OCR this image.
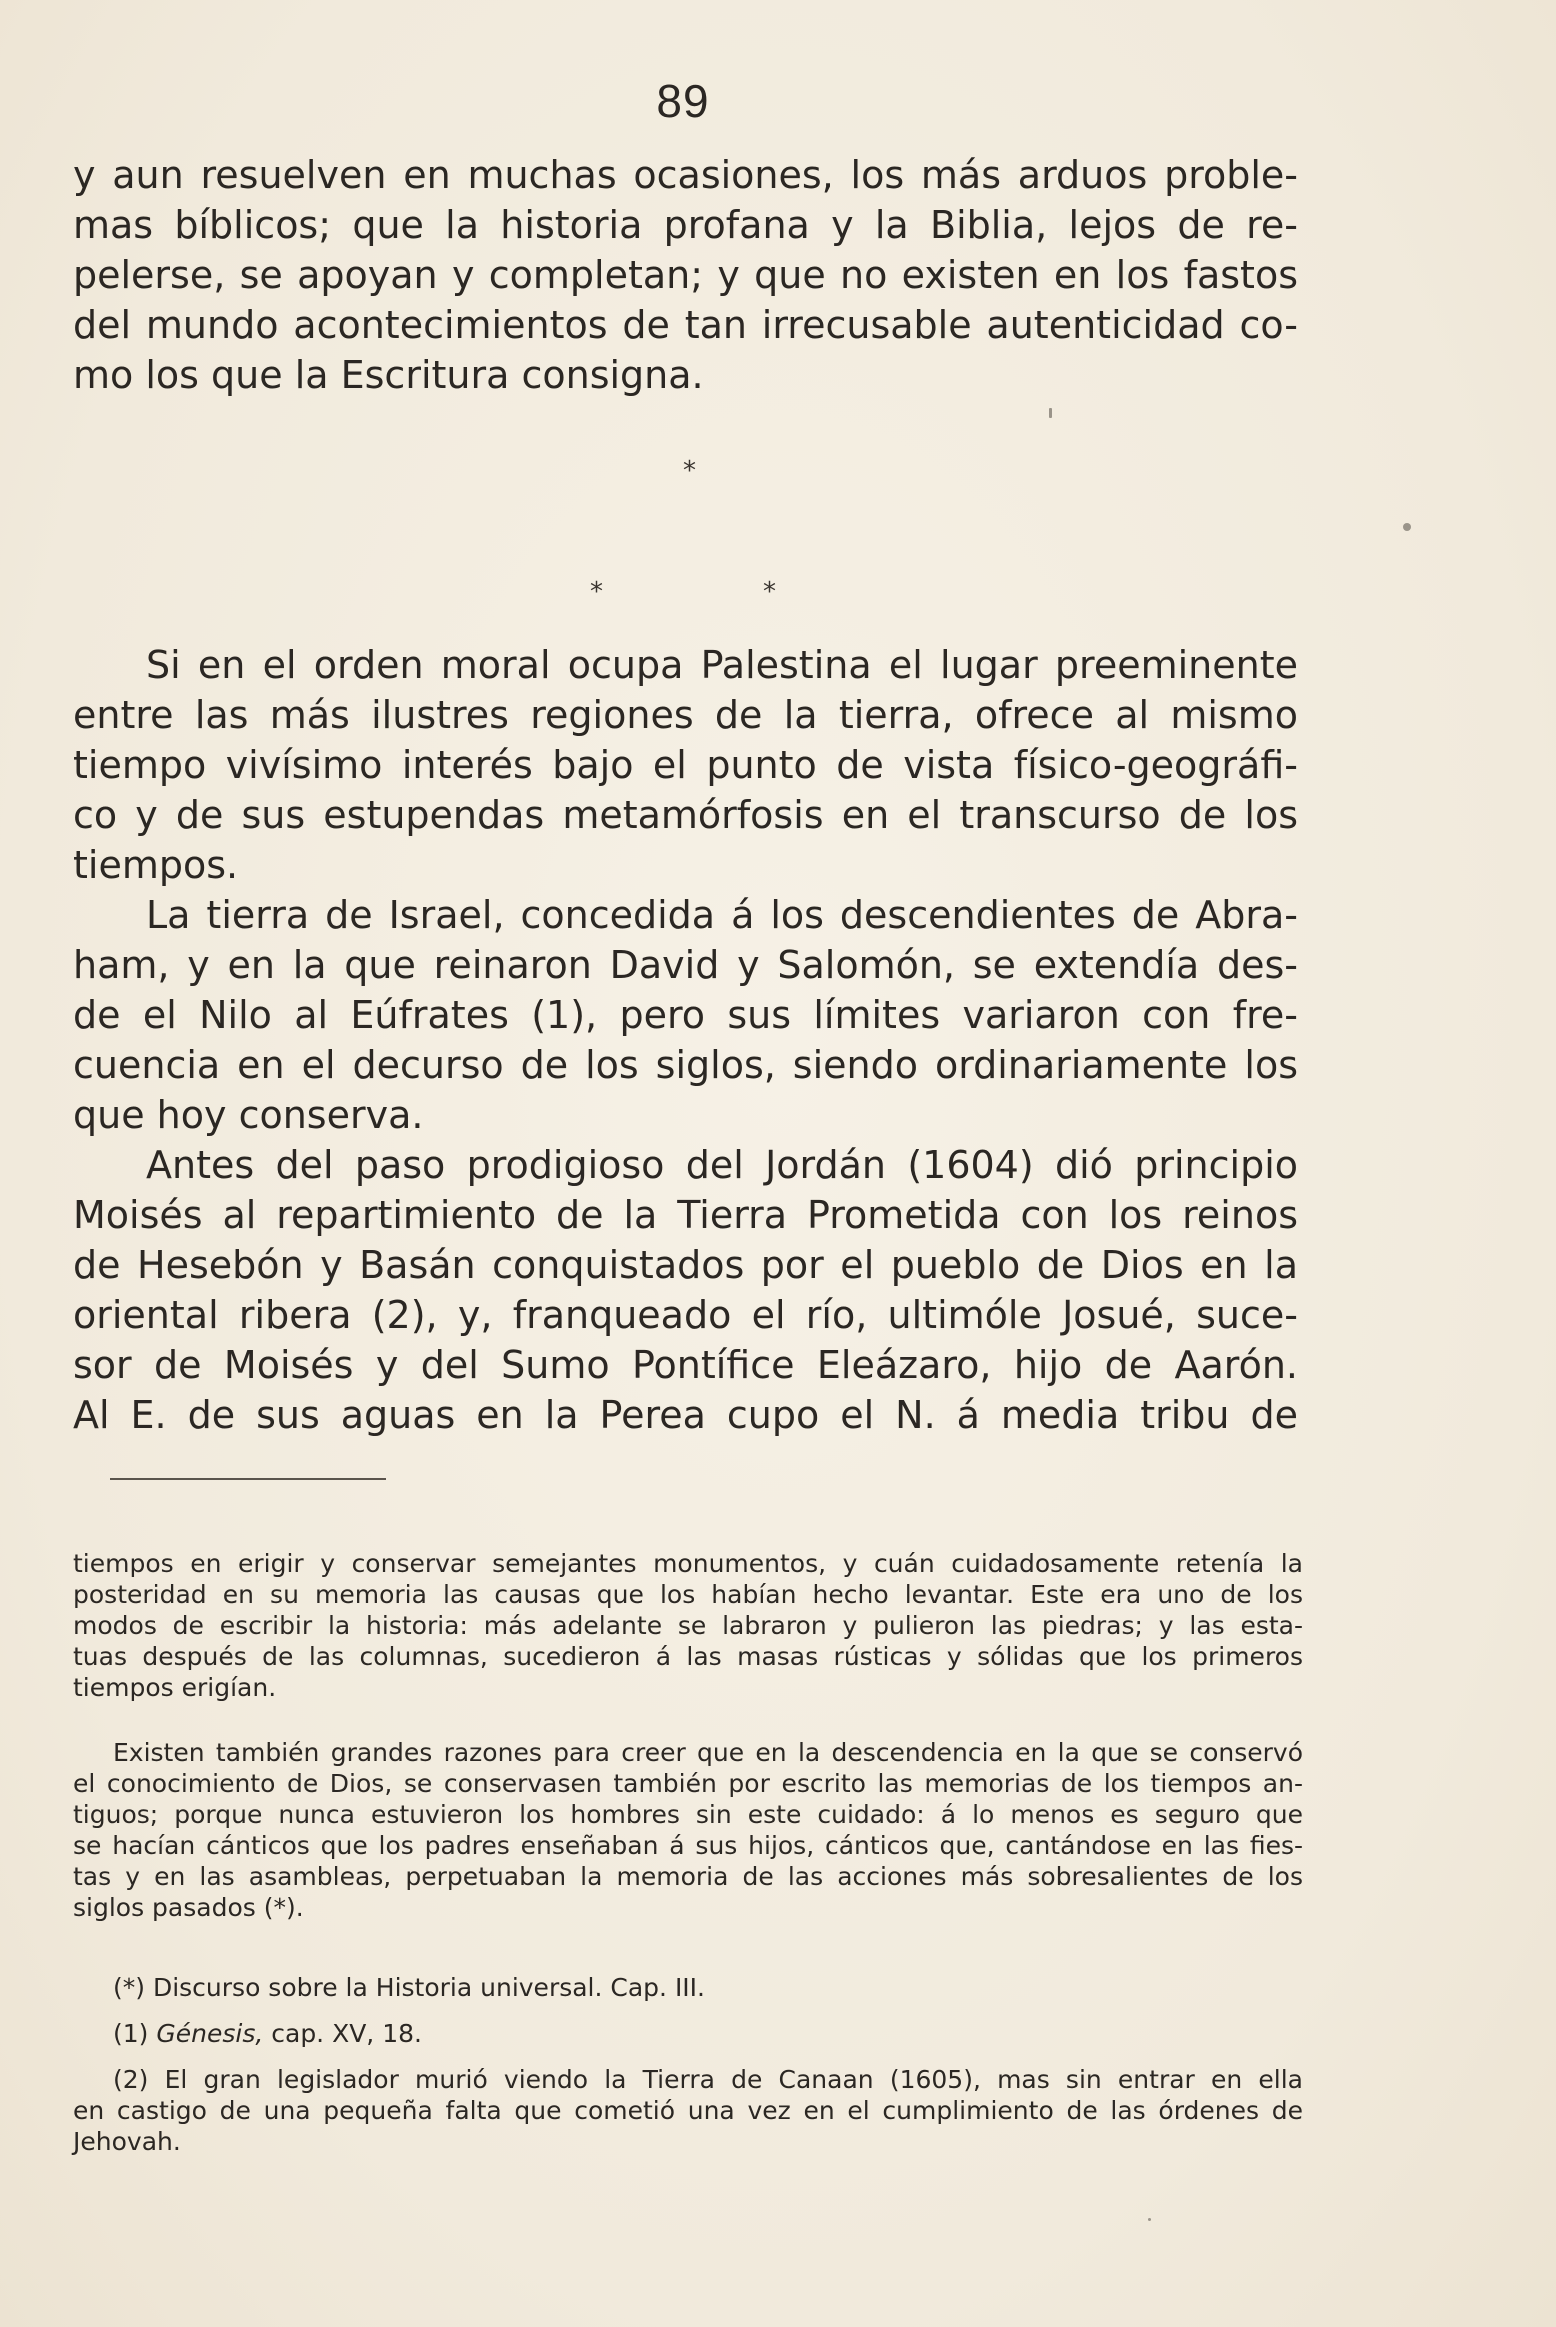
89
y aun resuelven en muchas ocasiones, los más arduos proble-
mas bíblicos; que la historia profana y la Biblia, lejos de re-
pelerse, se apoyan y completan; y que no existen en los fastos
del mundo acontecimientos de tan irrecusable autenticidad co-
mo los que la Escritura consigna.
*
*	*
Si en el orden moral ocupa Palestina el lugar preeminente
entre las más ilustres regiones de la tierra, ofrece al mismo
tiempo vivísimo interés bajo el punto de vista físico-geográfi-
co y de sus estupendas metamórfosis en el transcurso de los
tiempos.
La tierra de Israel, concedida á los descendientes de Abra-
ham, y en la que reinaron David y Salomón, se extendía des-
de el Nilo al Eúfrates (1), pero sus límites variaron con fre-
cuencia en el decurso de los siglos, siendo ordinariamente los
que hoy conserva.
Antes del paso prodigioso del Jordán (1604) dió principio
Moisés al repartimiento de la Tierra Prometida con los reinos
de Hesebón y Basán conquistados por el pueblo de Dios en la
oriental ribera (2), y, franqueado el río, ultimóle Josué, suce-
sor de Moisés y del Sumo Pontífice Eleázaro, hijo de Aarón.
Al E. de sus aguas en la Perea cupo el N. á media tribu de
tiempos en erigir y conservar semejantes monumentos, y cuán cuidadosamente retenía la
posteridad en su memoria las causas que los habían hecho levantar. Este era uno de los
modos de escribir la historia: más adelante se labraron y pulieron las piedras; y las esta-
tuas después de las columnas, sucedieron á las masas rústicas y sólidas que los primeros
tiempos erigían.
Existen también grandes razones para creer que en la descendencia en la que se conservó
el conocimiento de Dios, se conservasen también por escrito las memorias de los tiempos an-
tiguos; porque nunca estuvieron los hombres sin este cuidado: á lo menos es seguro que
se hacían cánticos que los padres enseñaban á sus hijos, cánticos que, cantándose en las fies-
tas y en las asambleas, perpetuaban la memoria de las acciones más sobresalientes de los
siglos pasados (*).
(*) Discurso sobre la Historia universal. Cap. III.
(1) Génesis, cap. XV, 18.
(2) El gran legislador murió viendo la Tierra de Canaan (1605), mas sin entrar en ella
en castigo de una pequeña falta que cometió una vez en el cumplimiento de las órdenes de
Jehovah.
